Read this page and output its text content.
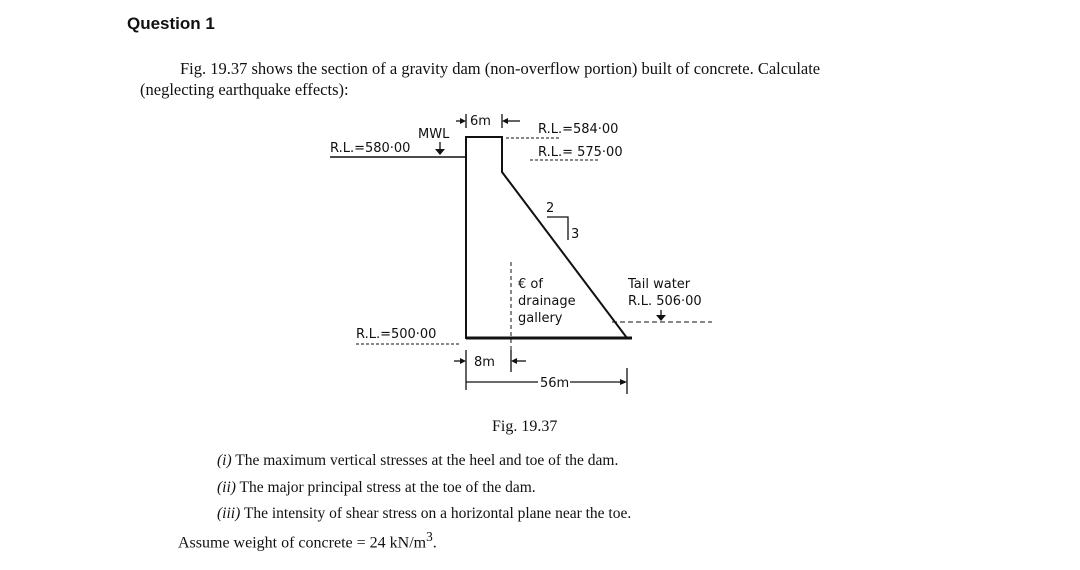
Question 1
Fig. 19.37 shows the section of a gravity dam (non-overflow portion) built of concrete. Calculate
(neglecting earthquake effects):
MWL
6m
R.L.=584·00
R.L.= 575·00
R.L.=580·00
R.L.=500·00
2
3
€ of
drainage
gallery
Tail water
R.L. 506·00
8m
56m
Fig. 19.37
(i) The maximum vertical stresses at the heel and toe of the dam.
(ii) The major principal stress at the toe of the dam.
(iii) The intensity of shear stress on a horizontal plane near the toe.
Assume weight of concrete = 24 $kN/m^3$.
